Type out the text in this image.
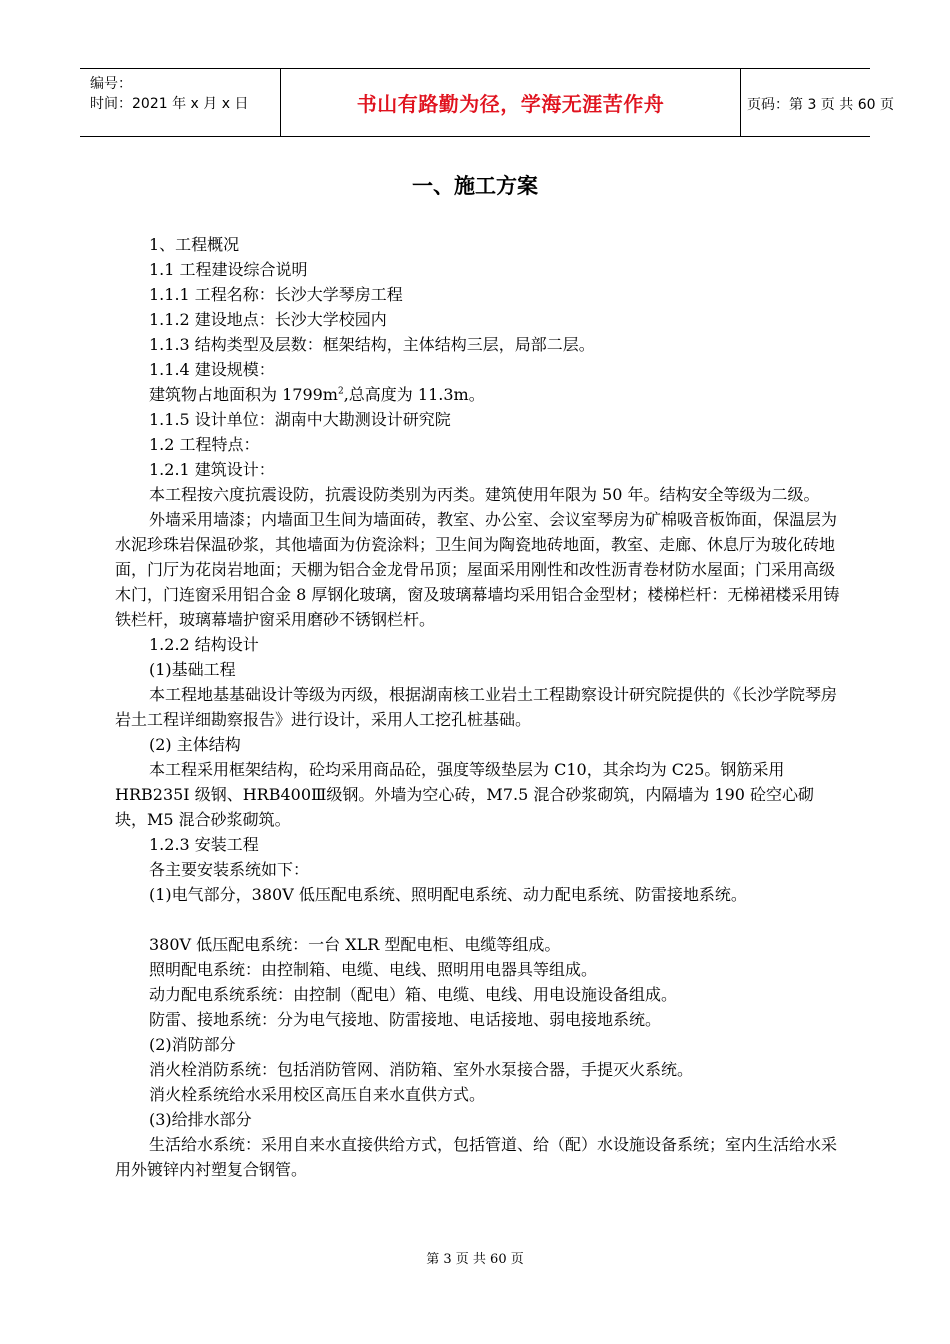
编号：
时间：2021 年 x 月 x 日	书山有路勤为径，学海无涯苦作舟	页码：第 3 页 共 60 页
一、施工方案

1、工程概况

1.1 工程建设综合说明

1.1.1 工程名称：长沙大学琴房工程

1.1.2 建设地点：长沙大学校园内

1.1.3 结构类型及层数：框架结构，主体结构三层，局部二层。

1.1.4 建设规模：

建筑物占地面积为 $1799m^2$,总高度为 11.3m。

1.1.5 设计单位：湖南中大勘测设计研究院

1.2 工程特点：

1.2.1 建筑设计：

本工程按六度抗震设防，抗震设防类别为丙类。建筑使用年限为 50 年。结构安全等级为二级。

外墙采用墙漆；内墙面卫生间为墙面砖，教室、办公室、会议室琴房为矿棉吸音板饰面，保温层为水泥珍珠岩保温砂浆，其他墙面为仿瓷涂料；卫生间为陶瓷地砖地面，教室、走廊、休息厅为玻化砖地面，门厅为花岗岩地面；天棚为铝合金龙骨吊顶；屋面采用刚性和改性沥青卷材防水屋面；门采用高级木门，门连窗采用铝合金 8 厚钢化玻璃，窗及玻璃幕墙均采用铝合金型材；楼梯栏杆：无梯裙楼采用铸铁栏杆，玻璃幕墙护窗采用磨砂不锈钢栏杆。

1.2.2 结构设计

(1)基础工程

本工程地基基础设计等级为丙级，根据湖南核工业岩土工程勘察设计研究院提供的《长沙学院琴房岩土工程详细勘察报告》进行设计，采用人工挖孔桩基础。

(2) 主体结构

本工程采用框架结构，砼均采用商品砼，强度等级垫层为 C10，其余均为 C25。钢筋采用 HRB235Ⅰ 级钢、HRB400Ⅲ级钢。外墙为空心砖，M7.5 混合砂浆砌筑，内隔墙为 190 砼空心砌块，M5 混合砂浆砌筑。

1.2.3 安装工程

各主要安装系统如下：

(1)电气部分，380V 低压配电系统、照明配电系统、动力配电系统、防雷接地系统。

380V 低压配电系统：一台 XLR 型配电柜、电缆等组成。

照明配电系统：由控制箱、电缆、电线、照明用电器具等组成。

动力配电系统系统：由控制（配电）箱、电缆、电线、用电设施设备组成。

防雷、接地系统：分为电气接地、防雷接地、电话接地、弱电接地系统。

(2)消防部分

消火栓消防系统：包括消防管网、消防箱、室外水泵接合器，手提灭火系统。

消火栓系统给水采用校区高压自来水直供方式。

(3)给排水部分

生活给水系统：采用自来水直接供给方式，包括管道、给（配）水设施设备系统；室内生活给水采用外镀锌内衬塑复合钢管。

第 3 页 共 60 页
